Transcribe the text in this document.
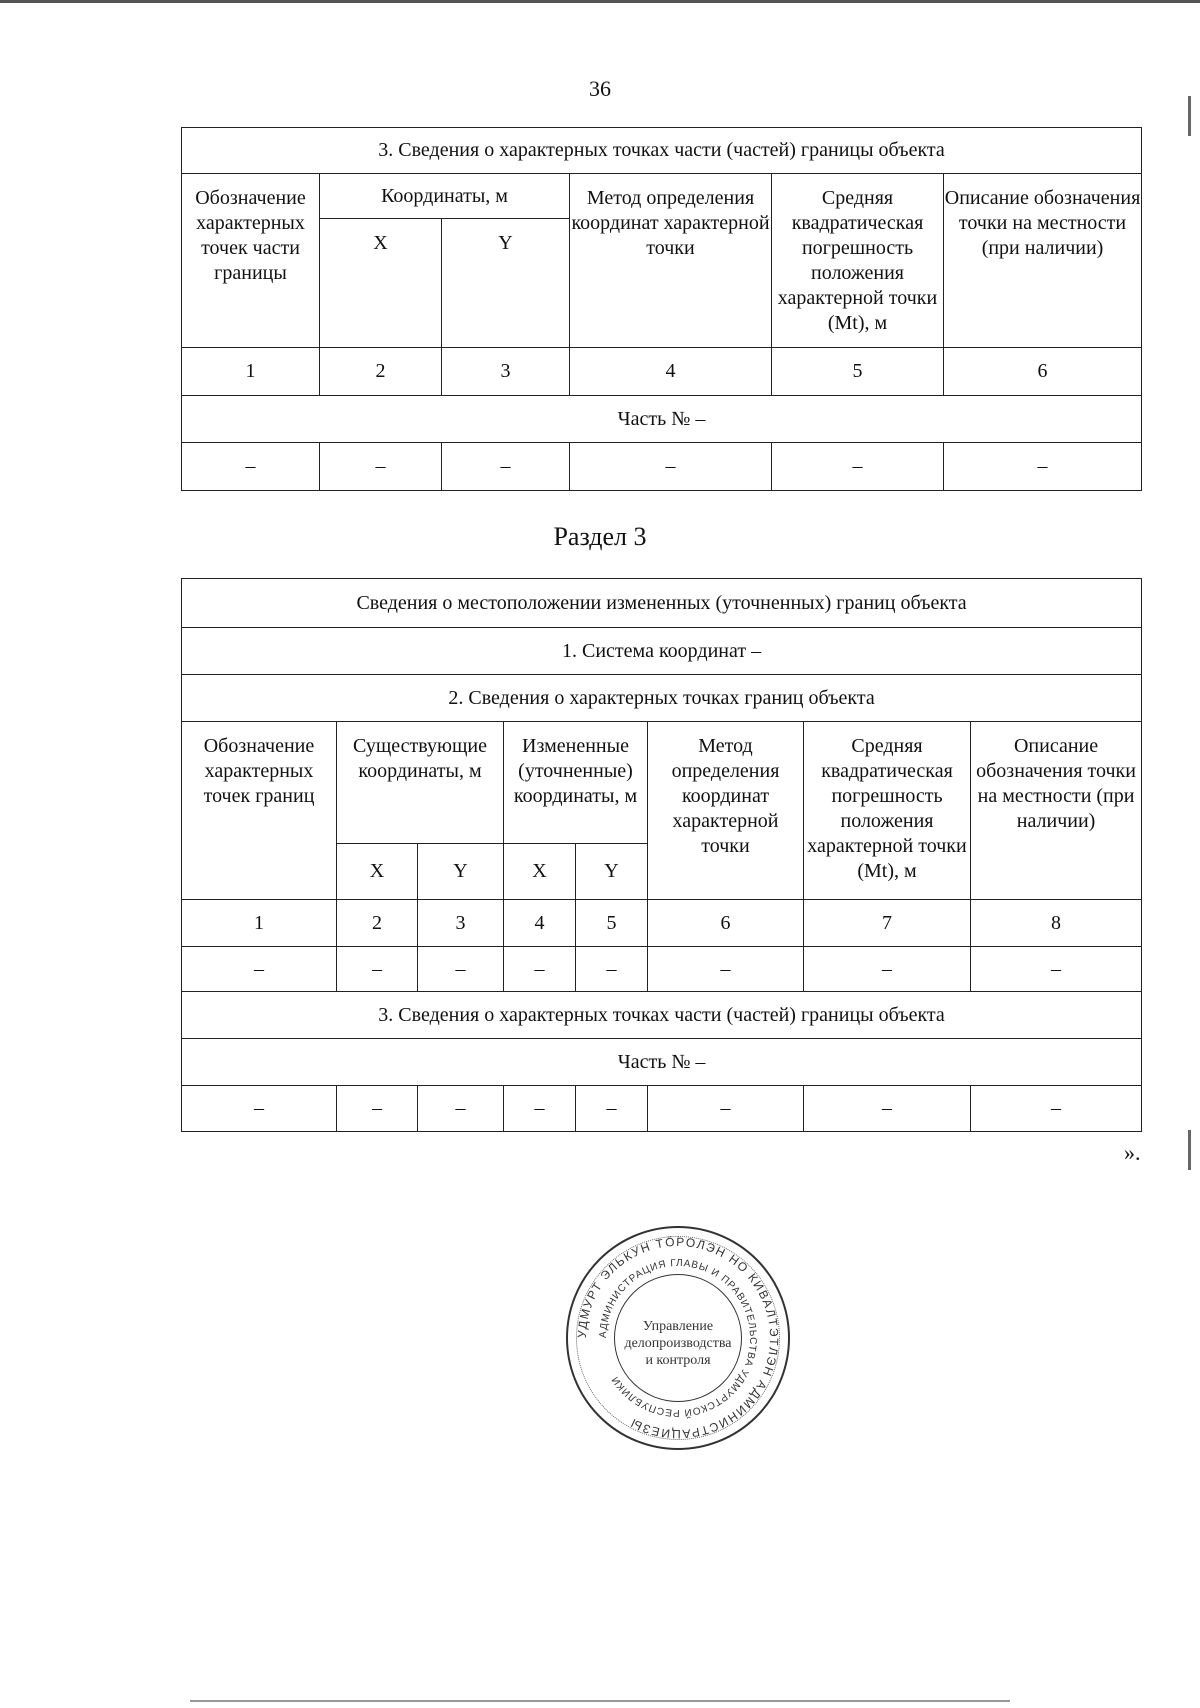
36
3. Сведения о характерных точках части (частей) границы объекта					
Обозначение характерных точек части границы	Координаты, м		Метод определения координат характерной точки	Средняя квадратическая погрешность положения характерной точки (Mt), м	Описание обозначения точки на местности (при наличии)
	X	Y			
1	2	3	4	5	6
Часть № –					
–	–	–	–	–	–
Раздел 3
Сведения о местоположении измененных (уточненных) границ объекта							
1. Система координат –							
2. Сведения о характерных точках границ объекта							
Обозначение характерных точек границ	Существующие координаты, м		Измененные (уточненные) координаты, м		Метод определения координат характерной точки	Средняя квадратическая погрешность положения характерной точки (Mt), м	Описание обозначения точки на местности (при наличии)
	X	Y	X	Y			
1	2	3	4	5	6	7	8
–	–	–	–	–	–	–	–
3. Сведения о характерных точках части (частей) границы объекта							
Часть № –							
–	–	–	–	–	–	–	–
».
УДМУРТ ЭЛЬКУН ТӦРОЛЭН НО КИВАЛТЭТЛЭН АДМИНИСТРАЦИЕЗЫ
АДМИНИСТРАЦИЯ ГЛАВЫ И ПРАВИТЕЛЬСТВА УДМУРТСКОЙ РЕСПУБЛИКИ
Управление
делопроизводства
и контроля
